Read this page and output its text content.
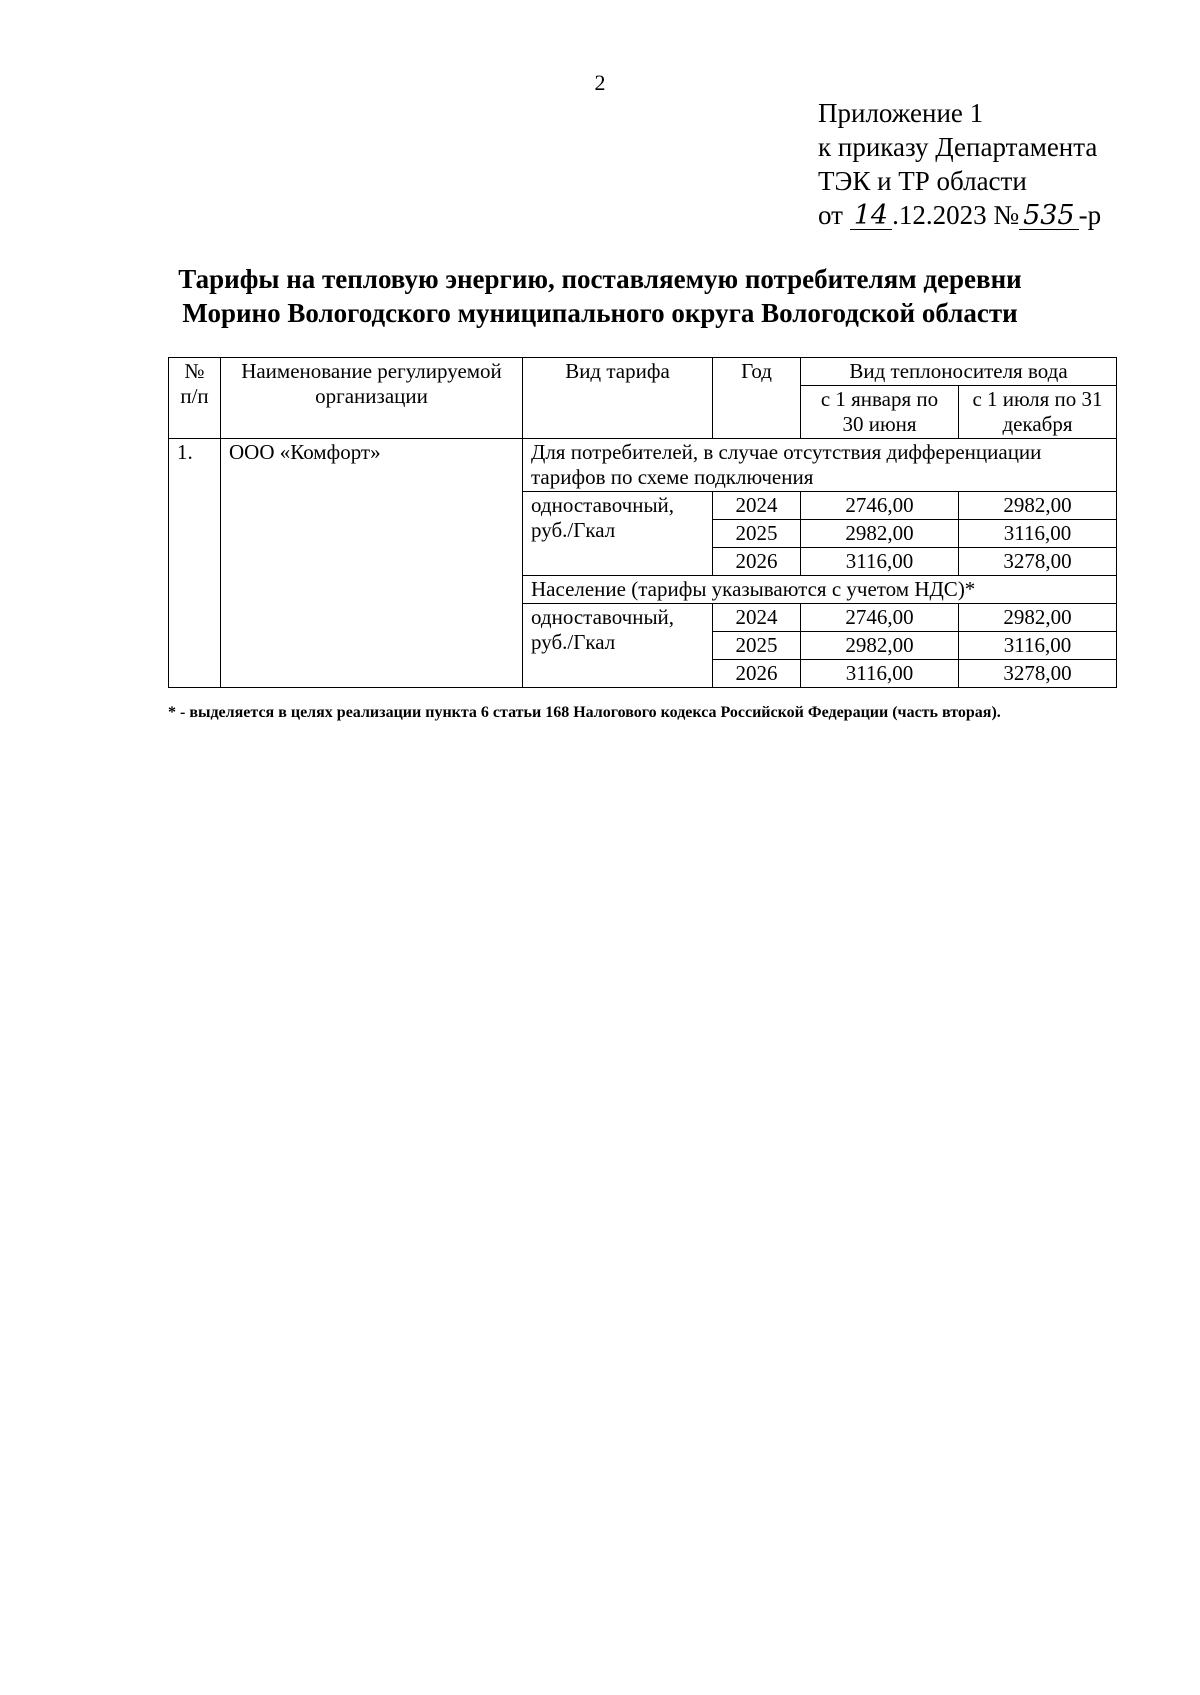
2
Приложение 1
к приказу Департамента
ТЭК и ТР области
от 14 .12.2023 № 535 -р
Тарифы на тепловую энергию, поставляемую потребителям деревни
Морино Вологодского муниципального округа Вологодской области
№ п/п	Наименование регулируемой организации	Вид тарифа	Год	Вид теплоносителя вода	
				с 1 января по 30 июня	с 1 июля по 31 декабря
1.	ООО «Комфорт»	Для потребителей, в случае отсутствия дифференциации тарифов по схеме подключения			
		одноставочный, руб./Гкал	2024	2746,00	2982,00
			2025	2982,00	3116,00
			2026	3116,00	3278,00
		Население (тарифы указываются с учетом НДС)*			
		одноставочный, руб./Гкал	2024	2746,00	2982,00
			2025	2982,00	3116,00
			2026	3116,00	3278,00
* - выделяется в целях реализации пункта 6 статьи 168 Налогового кодекса Российской Федерации (часть вторая).
